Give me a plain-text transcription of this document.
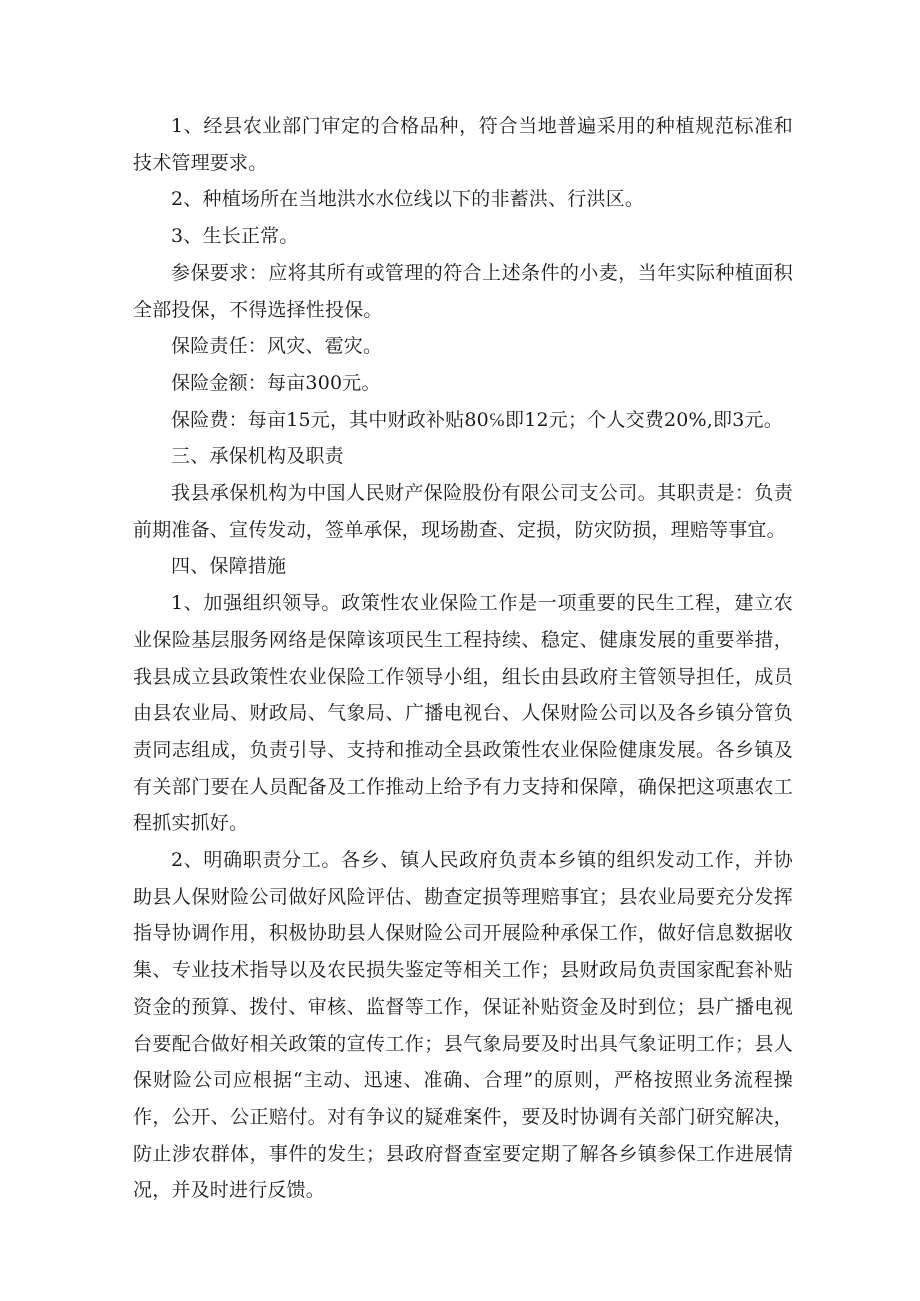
1、经县农业部门审定的合格品种，符合当地普遍采用的种植规范标准和技术管理要求。

2、种植场所在当地洪水水位线以下的非蓄洪、行洪区。

3、生长正常。

参保要求：应将其所有或管理的符合上述条件的小麦，当年实际种植面积全部投保，不得选择性投保。

保险责任：风灾、雹灾。

保险金额：每亩300元。

保险费：每亩15元，其中财政补贴80℅即12元；个人交费20%,即3元。

三、承保机构及职责

我县承保机构为中国人民财产保险股份有限公司支公司。其职责是：负责前期准备、宣传发动，签单承保，现场勘查、定损，防灾防损，理赔等事宜。

四、保障措施

1、加强组织领导。政策性农业保险工作是一项重要的民生工程，建立农业保险基层服务网络是保障该项民生工程持续、稳定、健康发展的重要举措，我县成立县政策性农业保险工作领导小组，组长由县政府主管领导担任，成员由县农业局、财政局、气象局、广播电视台、人保财险公司以及各乡镇分管负责同志组成，负责引导、支持和推动全县政策性农业保险健康发展。各乡镇及有关部门要在人员配备及工作推动上给予有力支持和保障，确保把这项惠农工程抓实抓好。

2、明确职责分工。各乡、镇人民政府负责本乡镇的组织发动工作，并协助县人保财险公司做好风险评估、勘查定损等理赔事宜；县农业局要充分发挥指导协调作用，积极协助县人保财险公司开展险种承保工作，做好信息数据收集、专业技术指导以及农民损失鉴定等相关工作；县财政局负责国家配套补贴资金的预算、拨付、审核、监督等工作，保证补贴资金及时到位；县广播电视台要配合做好相关政策的宣传工作；县气象局要及时出具气象证明工作；县人保财险公司应根据“主动、迅速、准确、合理”的原则，严格按照业务流程操作，公开、公正赔付。对有争议的疑难案件，要及时协调有关部门研究解决，防止涉农群体，事件的发生；县政府督查室要定期了解各乡镇参保工作进展情况，并及时进行反馈。
